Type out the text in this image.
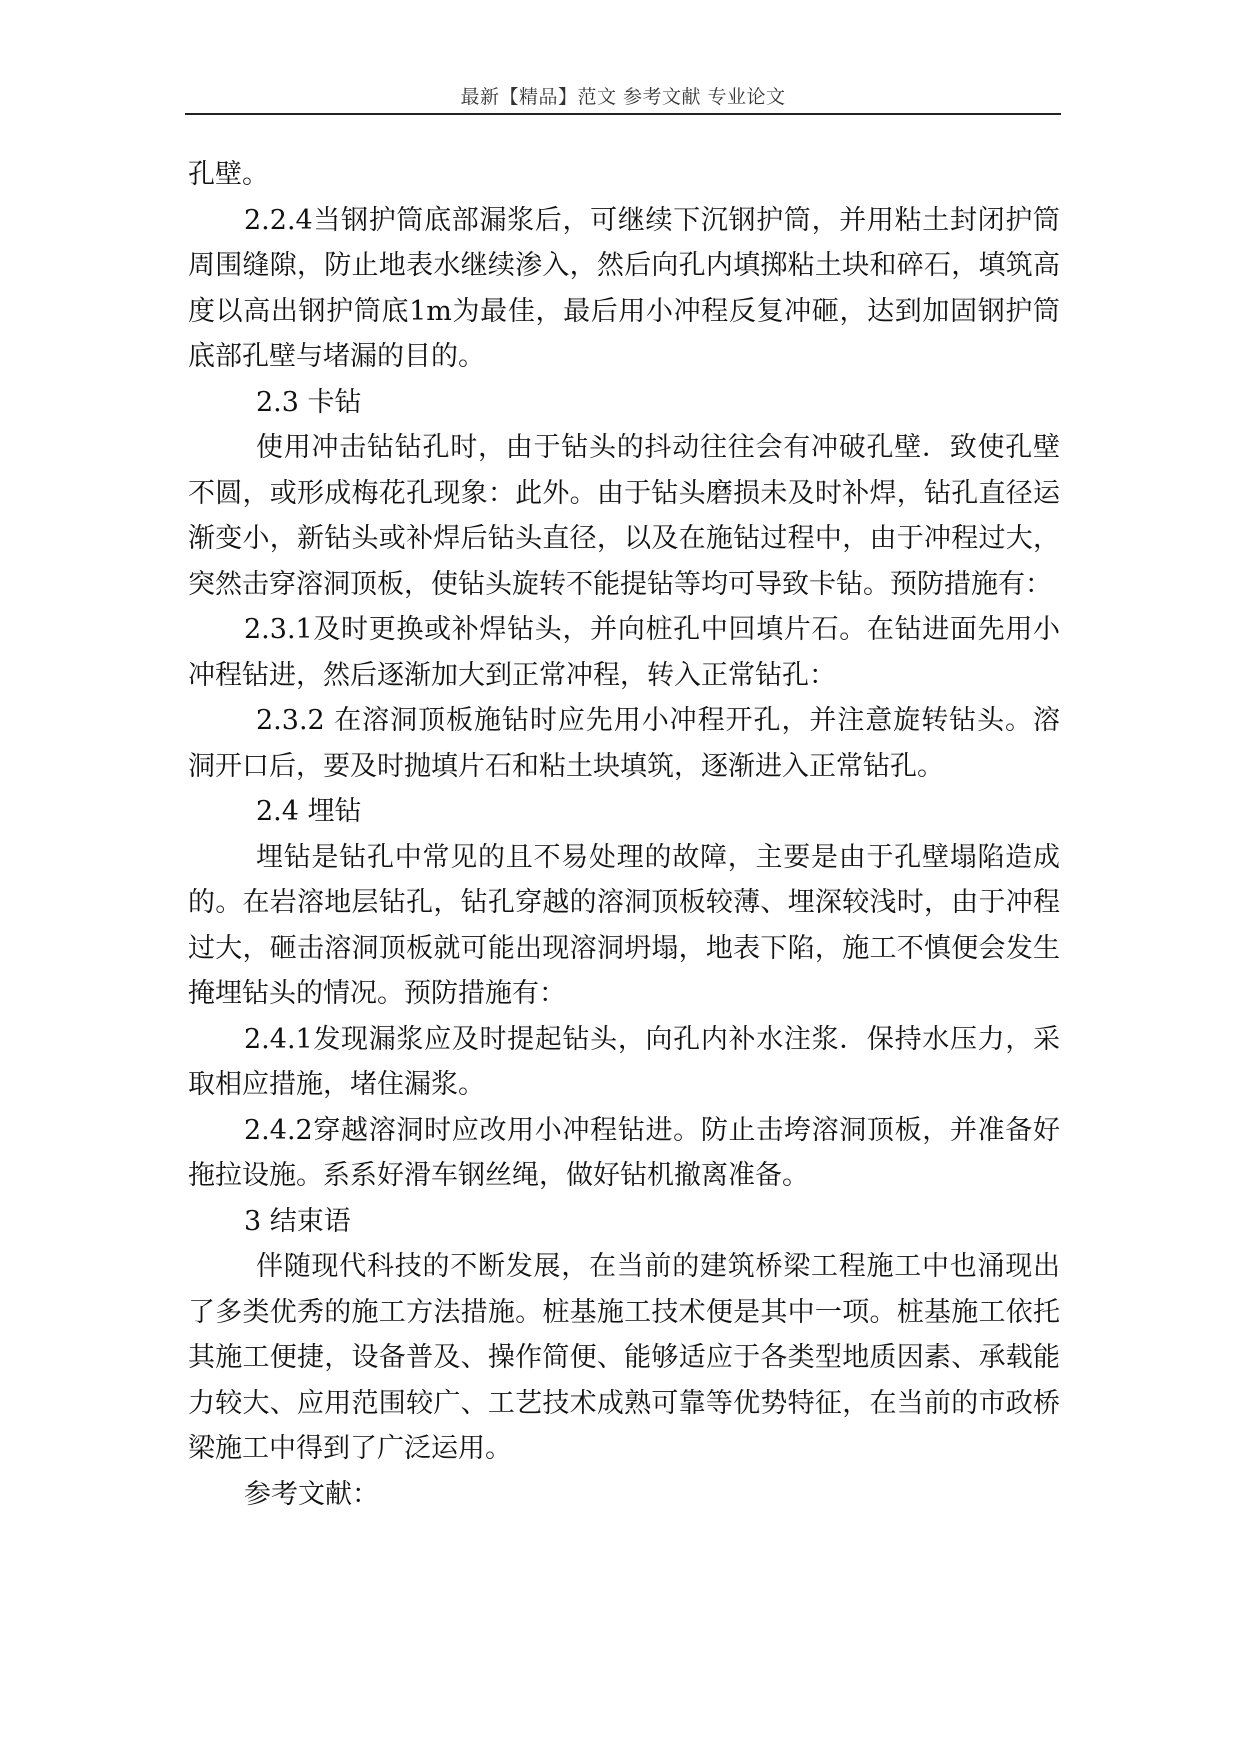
最新【精品】范文 参考文献 专业论文

孔壁。

2.2.4当钢护筒底部漏浆后，可继续下沉钢护筒，并用粘土封闭护筒周围缝隙，防止地表水继续渗入，然后向孔内填掷粘土块和碎石，填筑高度以高出钢护筒底1m为最佳，最后用小冲程反复冲砸，达到加固钢护筒底部孔壁与堵漏的目的。

2.3 卡钻

使用冲击钻钻孔时，由于钻头的抖动往往会有冲破孔壁．致使孔壁不圆，或形成梅花孔现象：此外。由于钻头磨损未及时补焊，钻孔直径运渐变小，新钻头或补焊后钻头直径，以及在施钻过程中，由于冲程过大，突然击穿溶洞顶板，使钻头旋转不能提钻等均可导致卡钻。预防措施有：

2.3.1及时更换或补焊钻头，并向桩孔中回填片石。在钻进面先用小冲程钻进，然后逐渐加大到正常冲程，转入正常钻孔：

2.3.2 在溶洞顶板施钻时应先用小冲程开孔，并注意旋转钻头。溶洞开口后，要及时抛填片石和粘土块填筑，逐渐进入正常钻孔。

2.4 埋钻

埋钻是钻孔中常见的且不易处理的故障，主要是由于孔壁塌陷造成的。在岩溶地层钻孔，钻孔穿越的溶洞顶板较薄、埋深较浅时，由于冲程过大，砸击溶洞顶板就可能出现溶洞坍塌，地表下陷，施工不慎便会发生掩埋钻头的情况。预防措施有：

2.4.1发现漏浆应及时提起钻头，向孔内补水注浆．保持水压力，采取相应措施，堵住漏浆。

2.4.2穿越溶洞时应改用小冲程钻进。防止击垮溶洞顶板，并准备好拖拉设施。系系好滑车钢丝绳，做好钻机撤离准备。

3 结束语

伴随现代科技的不断发展，在当前的建筑桥梁工程施工中也涌现出了多类优秀的施工方法措施。桩基施工技术便是其中一项。桩基施工依托其施工便捷，设备普及、操作简便、能够适应于各类型地质因素、承载能力较大、应用范围较广、工艺技术成熟可靠等优势特征，在当前的市政桥梁施工中得到了广泛运用。

参考文献：
